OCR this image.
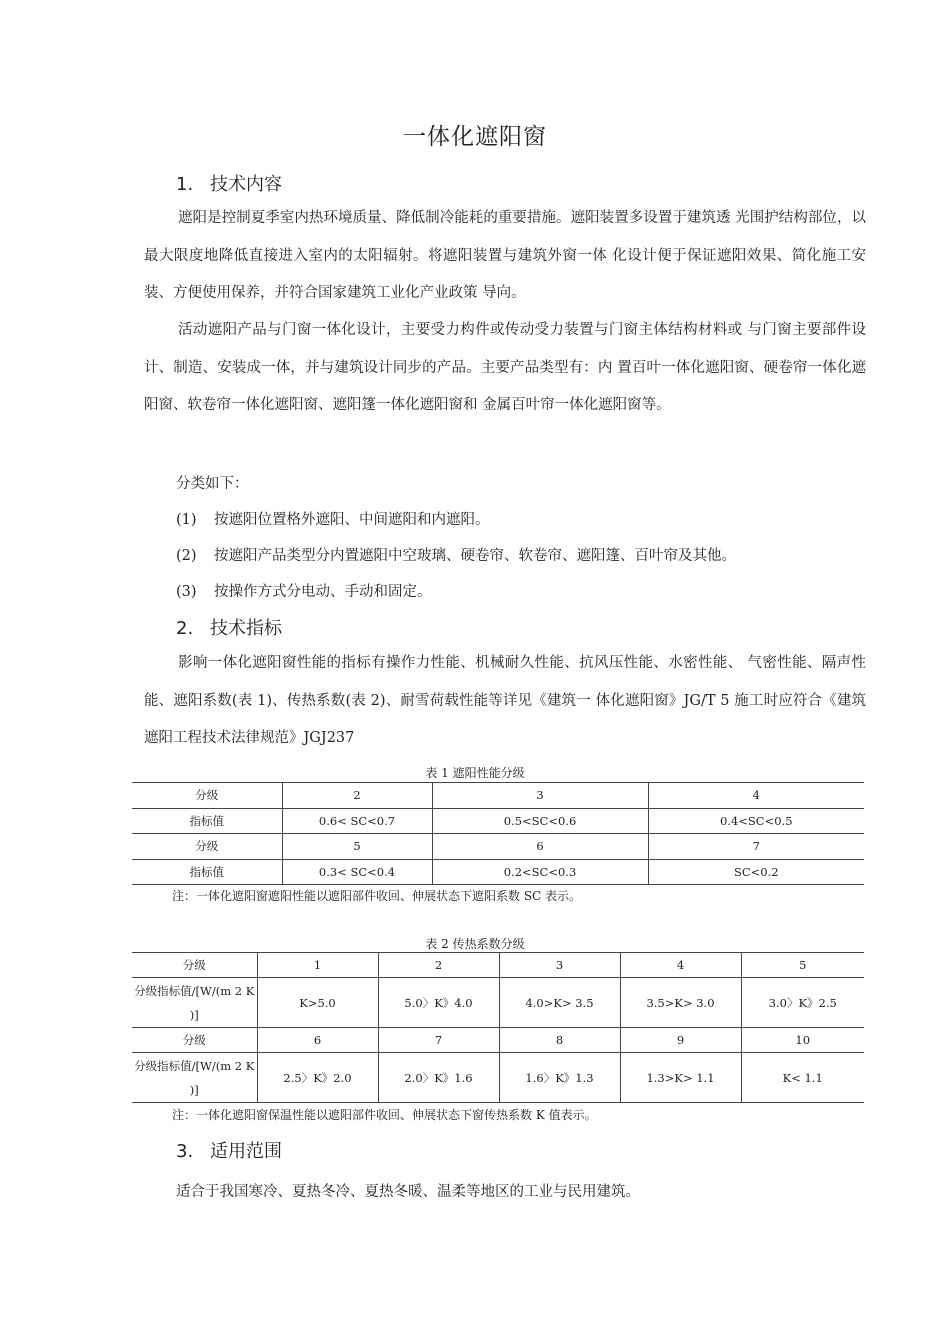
一体化遮阳窗
1. 技术内容
遮阳是控制夏季室内热环境质量、降低制冷能耗的重要措施。遮阳装置多设置于建筑透 光围护结构部位，以最大限度地降低直接进入室内的太阳辐射。将遮阳装置与建筑外窗一体 化设计便于保证遮阳效果、简化施工安装、方便使用保养，并符合国家建筑工业化产业政策 导向。
活动遮阳产品与门窗一体化设计，主要受力构件或传动受力装置与门窗主体结构材料或 与门窗主要部件设计、制造、安装成一体，并与建筑设计同步的产品。主要产品类型有：内 置百叶一体化遮阳窗、硬卷帘一体化遮阳窗、软卷帘一体化遮阳窗、遮阳篷一体化遮阳窗和 金属百叶帘一体化遮阳窗等。
分类如下：
(1) 按遮阳位置格外遮阳、中间遮阳和内遮阳。
(2) 按遮阳产品类型分内置遮阳中空玻璃、硬卷帘、软卷帘、遮阳篷、百叶帘及其他。
(3) 按操作方式分电动、手动和固定。
2. 技术指标
影响一体化遮阳窗性能的指标有操作力性能、机械耐久性能、抗风压性能、水密性能、 气密性能、隔声性能、遮阳系数(表 1)、传热系数(表 2)、耐雪荷载性能等详见《建筑一 体化遮阳窗》JG/T 5 施工时应符合《建筑遮阳工程技术法律规范》JGJ237
表 1 遮阳性能分级
分级	2	3	4
指标值	0.6< SC<0.7	0.5<SC<0.6	0.4<SC<0.5
分级	5	6	7
指标值	0.3< SC<0.4	0.2<SC<0.3	SC<0.2
注：一体化遮阳窗遮阳性能以遮阳部件收回、伸展状态下遮阳系数 SC 表示。
表 2 传热系数分级
分级	1	2	3	4	5
分级指标值/[W/(m 2 K )]	K>5.0	5.0〉K》4.0	4.0>K> 3.5	3.5>K> 3.0	3.0〉K》2.5
分级	6	7	8	9	10
分级指标值/[W/(m 2 K )]	2.5〉K》2.0	2.0〉K》1.6	1.6〉K》1.3	1.3>K> 1.1	K< 1.1
注：一体化遮阳窗保温性能以遮阳部件收回、伸展状态下窗传热系数 K 值表示。
3. 适用范围
适合于我国寒冷、夏热冬冷、夏热冬暖、温柔等地区的工业与民用建筑。
